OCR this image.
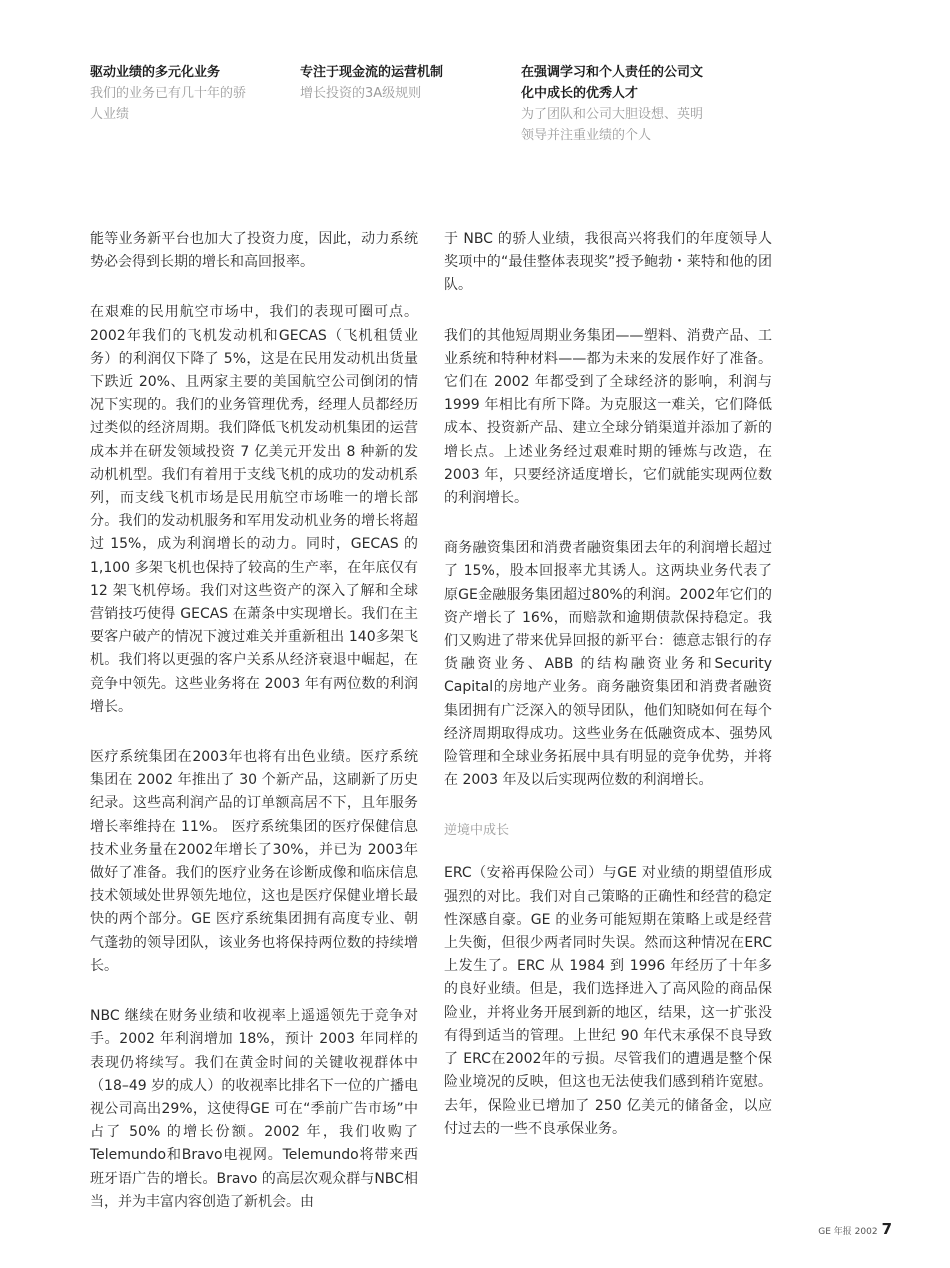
驱动业绩的多元化业务

我们的业务已有几十年的骄人业绩

专注于现金流的运营机制

增长投资的3A级规则

在强调学习和个人责任的公司文化中成长的优秀人才

为了团队和公司大胆设想、英明领导并注重业绩的个人

能等业务新平台也加大了投资力度，因此，动力系统势必会得到长期的增长和高回报率。

在艰难的民用航空市场中，我们的表现可圈可点。2002年我们的飞机发动机和GECAS（飞机租赁业务）的利润仅下降了 5%，这是在民用发动机出货量下跌近 20%、且两家主要的美国航空公司倒闭的情况下实现的。我们的业务管理优秀，经理人员都经历过类似的经济周期。我们降低飞机发动机集团的运营成本并在研发领域投资 7 亿美元开发出 8 种新的发动机机型。我们有着用于支线飞机的成功的发动机系列，而支线飞机市场是民用航空市场唯一的增长部分。我们的发动机服务和军用发动机业务的增长将超过 15%，成为利润增长的动力。同时，GECAS 的 1,100 多架飞机也保持了较高的生产率，在年底仅有 12 架飞机停场。我们对这些资产的深入了解和全球营销技巧使得 GECAS 在萧条中实现增长。我们在主要客户破产的情况下渡过难关并重新租出 140多架飞机。我们将以更强的客户关系从经济衰退中崛起，在竞争中领先。这些业务将在 2003 年有两位数的利润增长。

医疗系统集团在2003年也将有出色业绩。医疗系统集团在 2002 年推出了 30 个新产品，这刷新了历史纪录。这些高利润产品的订单额高居不下，且年服务增长率维持在 11%。 医疗系统集团的医疗保健信息技术业务量在2002年增长了30%，并已为 2003年做好了准备。我们的医疗业务在诊断成像和临床信息技术领域处世界领先地位，这也是医疗保健业增长最快的两个部分。GE 医疗系统集团拥有高度专业、朝气蓬勃的领导团队，该业务也将保持两位数的持续增长。

NBC 继续在财务业绩和收视率上遥遥领先于竞争对手。2002 年利润增加 18%，预计 2003 年同样的表现仍将续写。我们在黄金时间的关键收视群体中（18–49 岁的成人）的收视率比排名下一位的广播电视公司高出29%，这使得GE 可在“季前广告市场”中占了 50% 的增长份额。2002 年，我们收购了Telemundo和Bravo电视网。Telemundo将带来西班牙语广告的增长。Bravo 的高层次观众群与NBC相当，并为丰富内容创造了新机会。由

于 NBC 的骄人业绩，我很高兴将我们的年度领导人奖项中的“最佳整体表现奖”授予鲍勃・莱特和他的团队。

我们的其他短周期业务集团——塑料、消费产品、工业系统和特种材料——都为未来的发展作好了准备。它们在 2002 年都受到了全球经济的影响，利润与 1999 年相比有所下降。为克服这一难关，它们降低成本、投资新产品、建立全球分销渠道并添加了新的增长点。上述业务经过艰难时期的锤炼与改造，在 2003 年，只要经济适度增长，它们就能实现两位数的利润增长。

商务融资集团和消费者融资集团去年的利润增长超过了 15%，股本回报率尤其诱人。这两块业务代表了原GE金融服务集团超过80%的利润。2002年它们的资产增长了 16%，而赔款和逾期债款保持稳定。我们又购进了带来优异回报的新平台：德意志银行的存货融资业务、ABB 的结构融资业务和Security Capital的房地产业务。商务融资集团和消费者融资集团拥有广泛深入的领导团队，他们知晓如何在每个经济周期取得成功。这些业务在低融资成本、强势风险管理和全球业务拓展中具有明显的竞争优势，并将在 2003 年及以后实现两位数的利润增长。

逆境中成长

ERC（安裕再保险公司）与GE 对业绩的期望值形成强烈的对比。我们对自己策略的正确性和经营的稳定性深感自豪。GE 的业务可能短期在策略上或是经营上失衡，但很少两者同时失误。然而这种情况在ERC 上发生了。ERC 从 1984 到 1996 年经历了十年多的良好业绩。但是，我们选择进入了高风险的商品保险业，并将业务开展到新的地区，结果，这一扩张没有得到适当的管理。上世纪 90 年代末承保不良导致了 ERC在2002年的亏损。尽管我们的遭遇是整个保险业境况的反映，但这也无法使我们感到稍许宽慰。去年，保险业已增加了 250 亿美元的储备金，以应付过去的一些不良承保业务。

GE 年报 2002 7
